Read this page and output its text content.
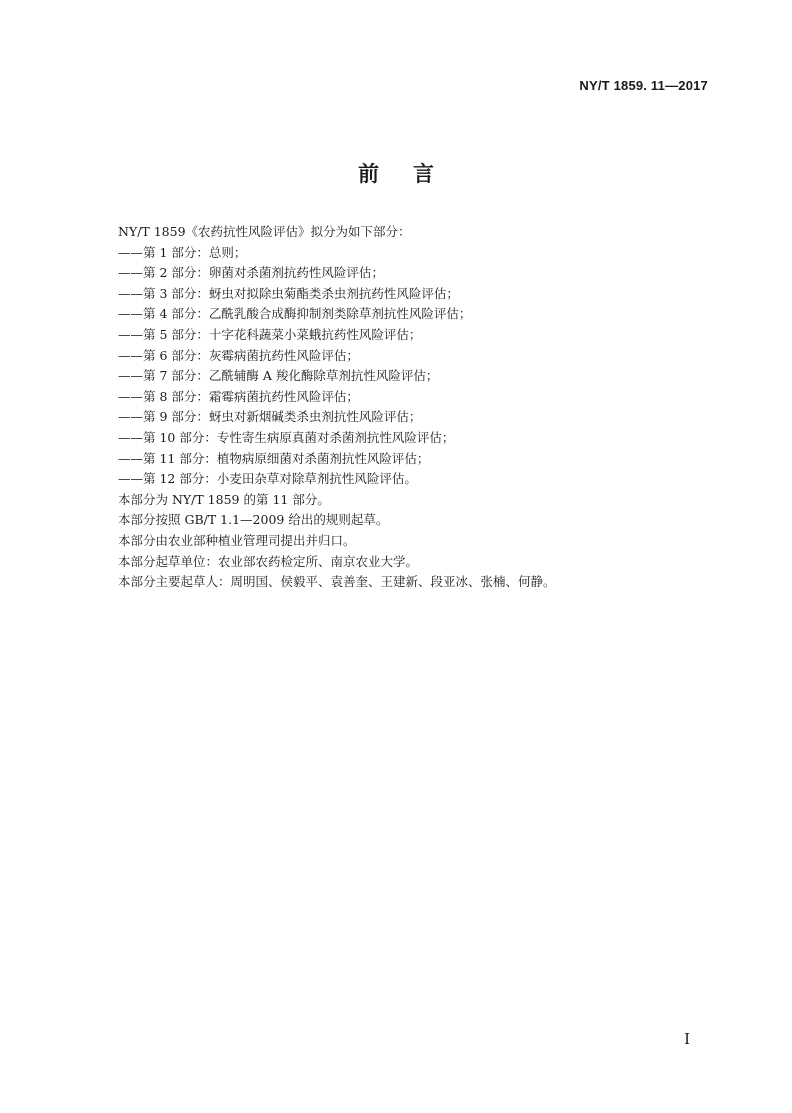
NY/T 1859. 11—2017
前言
NY/T 1859《农药抗性风险评估》拟分为如下部分：
——第 1 部分：总则；
——第 2 部分：卵菌对杀菌剂抗药性风险评估；
——第 3 部分：蚜虫对拟除虫菊酯类杀虫剂抗药性风险评估；
——第 4 部分：乙酰乳酸合成酶抑制剂类除草剂抗性风险评估；
——第 5 部分：十字花科蔬菜小菜蛾抗药性风险评估；
——第 6 部分：灰霉病菌抗药性风险评估；
——第 7 部分：乙酰辅酶 A 羧化酶除草剂抗性风险评估；
——第 8 部分：霜霉病菌抗药性风险评估；
——第 9 部分：蚜虫对新烟碱类杀虫剂抗性风险评估；
——第 10 部分：专性寄生病原真菌对杀菌剂抗性风险评估；
——第 11 部分：植物病原细菌对杀菌剂抗性风险评估；
——第 12 部分：小麦田杂草对除草剂抗性风险评估。
本部分为 NY/T 1859 的第 11 部分。
本部分按照 GB/T 1.1—2009 给出的规则起草。
本部分由农业部种植业管理司提出并归口。
本部分起草单位：农业部农药检定所、南京农业大学。
本部分主要起草人：周明国、侯毅平、袁善奎、王建新、段亚冰、张楠、何静。
I
